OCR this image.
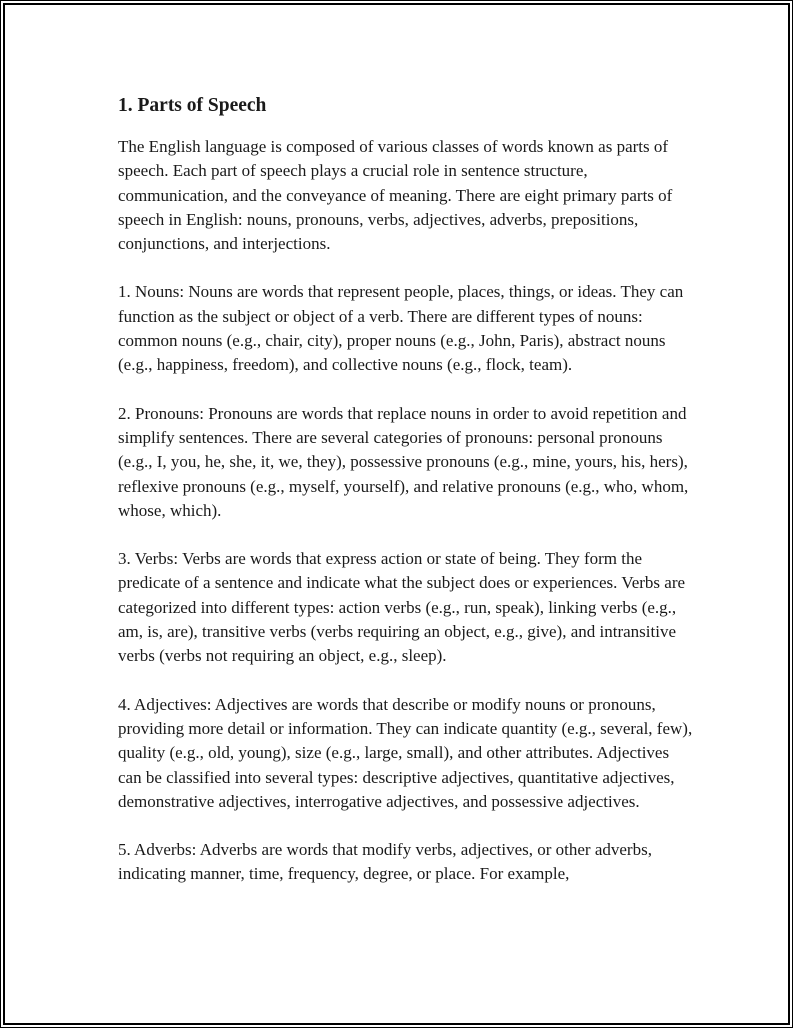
1. Parts of Speech

The English language is composed of various classes of words known as parts of speech. Each part of speech plays a crucial role in sentence structure, communication, and the conveyance of meaning. There are eight primary parts of speech in English: nouns, pronouns, verbs, adjectives, adverbs, prepositions, conjunctions, and interjections.

1. Nouns: Nouns are words that represent people, places, things, or ideas. They can function as the subject or object of a verb. There are different types of nouns: common nouns (e.g., chair, city), proper nouns (e.g., John, Paris), abstract nouns (e.g., happiness, freedom), and collective nouns (e.g., flock, team).

2. Pronouns: Pronouns are words that replace nouns in order to avoid repetition and simplify sentences. There are several categories of pronouns: personal pronouns (e.g., I, you, he, she, it, we, they), possessive pronouns (e.g., mine, yours, his, hers), reflexive pronouns (e.g., myself, yourself), and relative pronouns (e.g., who, whom, whose, which).

3. Verbs: Verbs are words that express action or state of being. They form the predicate of a sentence and indicate what the subject does or experiences. Verbs are categorized into different types: action verbs (e.g., run, speak), linking verbs (e.g., am, is, are), transitive verbs (verbs requiring an object, e.g., give), and intransitive verbs (verbs not requiring an object, e.g., sleep).

4. Adjectives: Adjectives are words that describe or modify nouns or pronouns, providing more detail or information. They can indicate quantity (e.g., several, few), quality (e.g., old, young), size (e.g., large, small), and other attributes. Adjectives can be classified into several types: descriptive adjectives, quantitative adjectives, demonstrative adjectives, interrogative adjectives, and possessive adjectives.

5. Adverbs: Adverbs are words that modify verbs, adjectives, or other adverbs, indicating manner, time, frequency, degree, or place. For example,
